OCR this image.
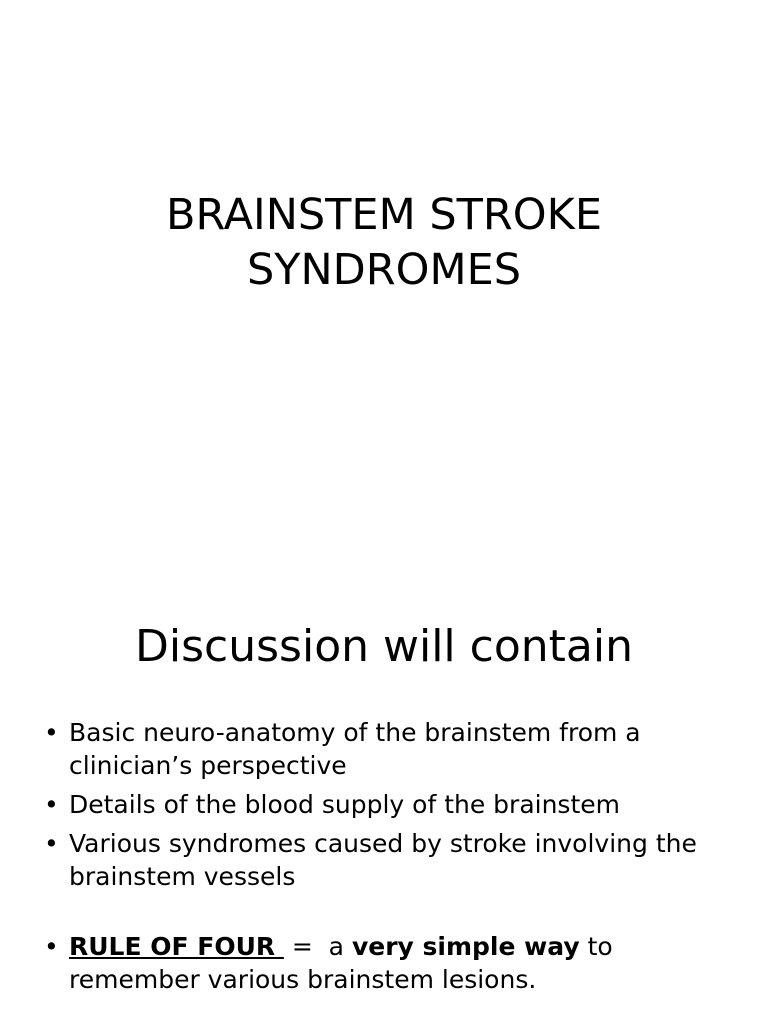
BRAINSTEM STROKE
SYNDROMES
Discussion will contain
• Basic neuro-anatomy of the brainstem from a clinician’s perspective
• Details of the blood supply of the brainstem
• Various syndromes caused by stroke involving the brainstem vessels
• RULE OF FOUR  =  a very simple way to remember various brainstem lesions.
